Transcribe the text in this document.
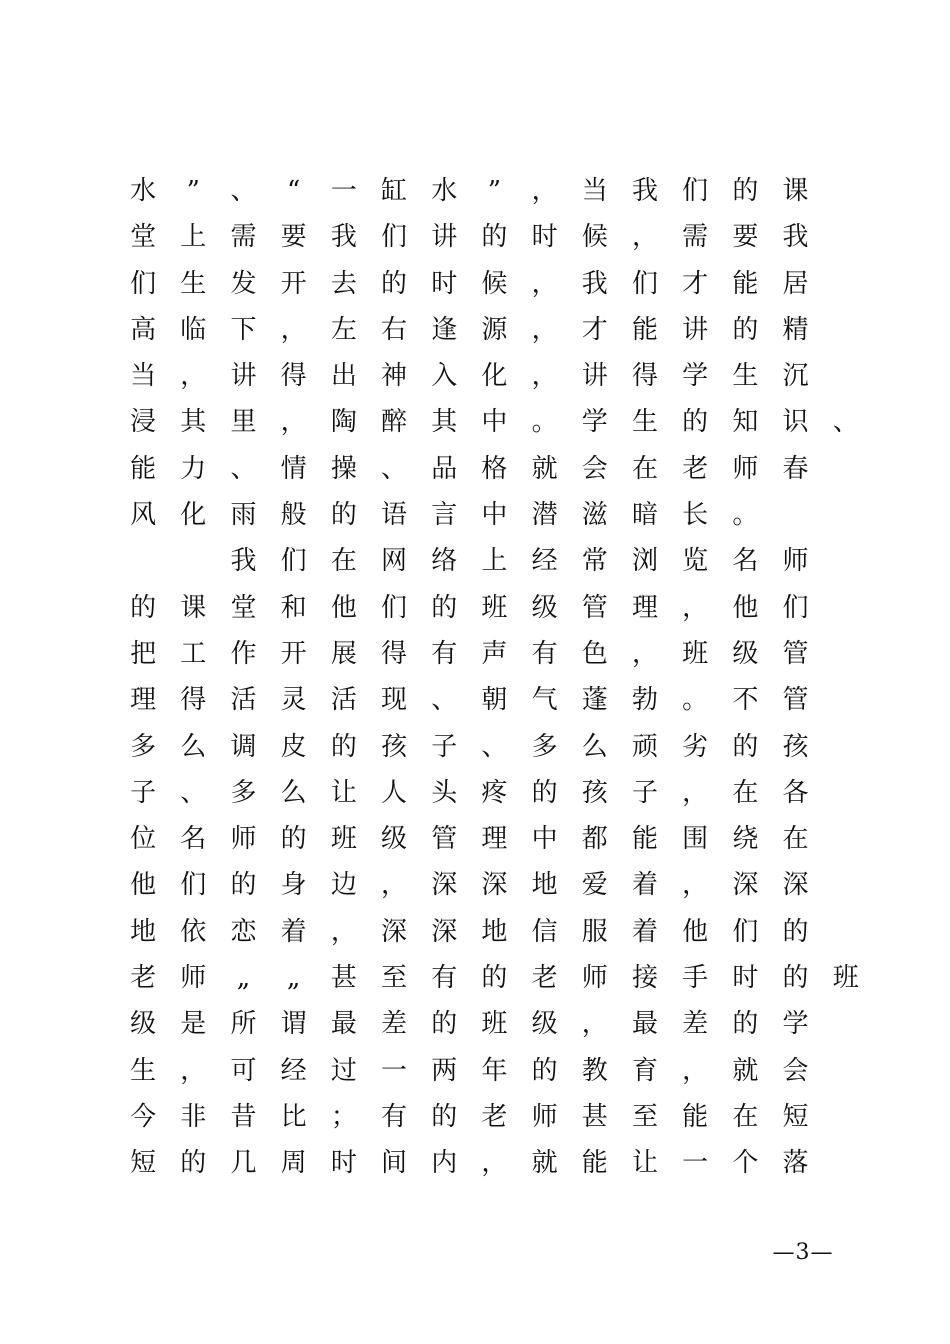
水	”	、	“	一 缸 水	”	， 当 我 们 的 课
堂 上 需 要 我 们 讲 的 时 候 ， 需 要 我
们 生 发 开 去 的 时 候 ， 我 们 才 能 居
高 临 下 ， 左 右 逢 源 ， 才 能 讲 的 精
当 ， 讲 得 出 神 入 化 ， 讲 得 学 生 沉
浸 其 里 ， 陶 醉 其 中 。 学 生 的 知 识 、
能 力 、 情 操 、 品 格 就 会 在 老 师 春
风 化 雨 般 的 语 言 中 潜 滋 暗 长 。

我 们 在 网 络 上 经 常 浏 览 名 师
的 课 堂 和 他 们 的 班 级 管 理 ， 他 们
把 工 作 开 展 得 有 声 有 色 ， 班 级 管
理 得 活 灵 活 现 、 朝 气 蓬 勃 。 不 管
多 么 调 皮 的 孩 子 、 多 么 顽 劣 的 孩
子 、 多 么 让 人 头 疼 的 孩 子 ， 在 各
位 名 师 的 班 级 管 理 中 都 能 围 绕 在
他 们 的 身 边 ， 深 深 地 爱 着 ， 深 深
地 依 恋 着 ， 深 深 地 信 服 着 他 们 的
老 师	„	„	甚 至 有 的 老 师 接 手 时 的 班
级 是 所 谓 最 差 的 班 级 ， 最 差 的 学
生 ， 可 经 过 一 两 年 的 教 育 ， 就 会
今 非 昔 比 ； 有 的 老 师 甚 至 能 在 短
短 的 几 周 时 间 内 ， 就 能 让 一 个 落
—3—
